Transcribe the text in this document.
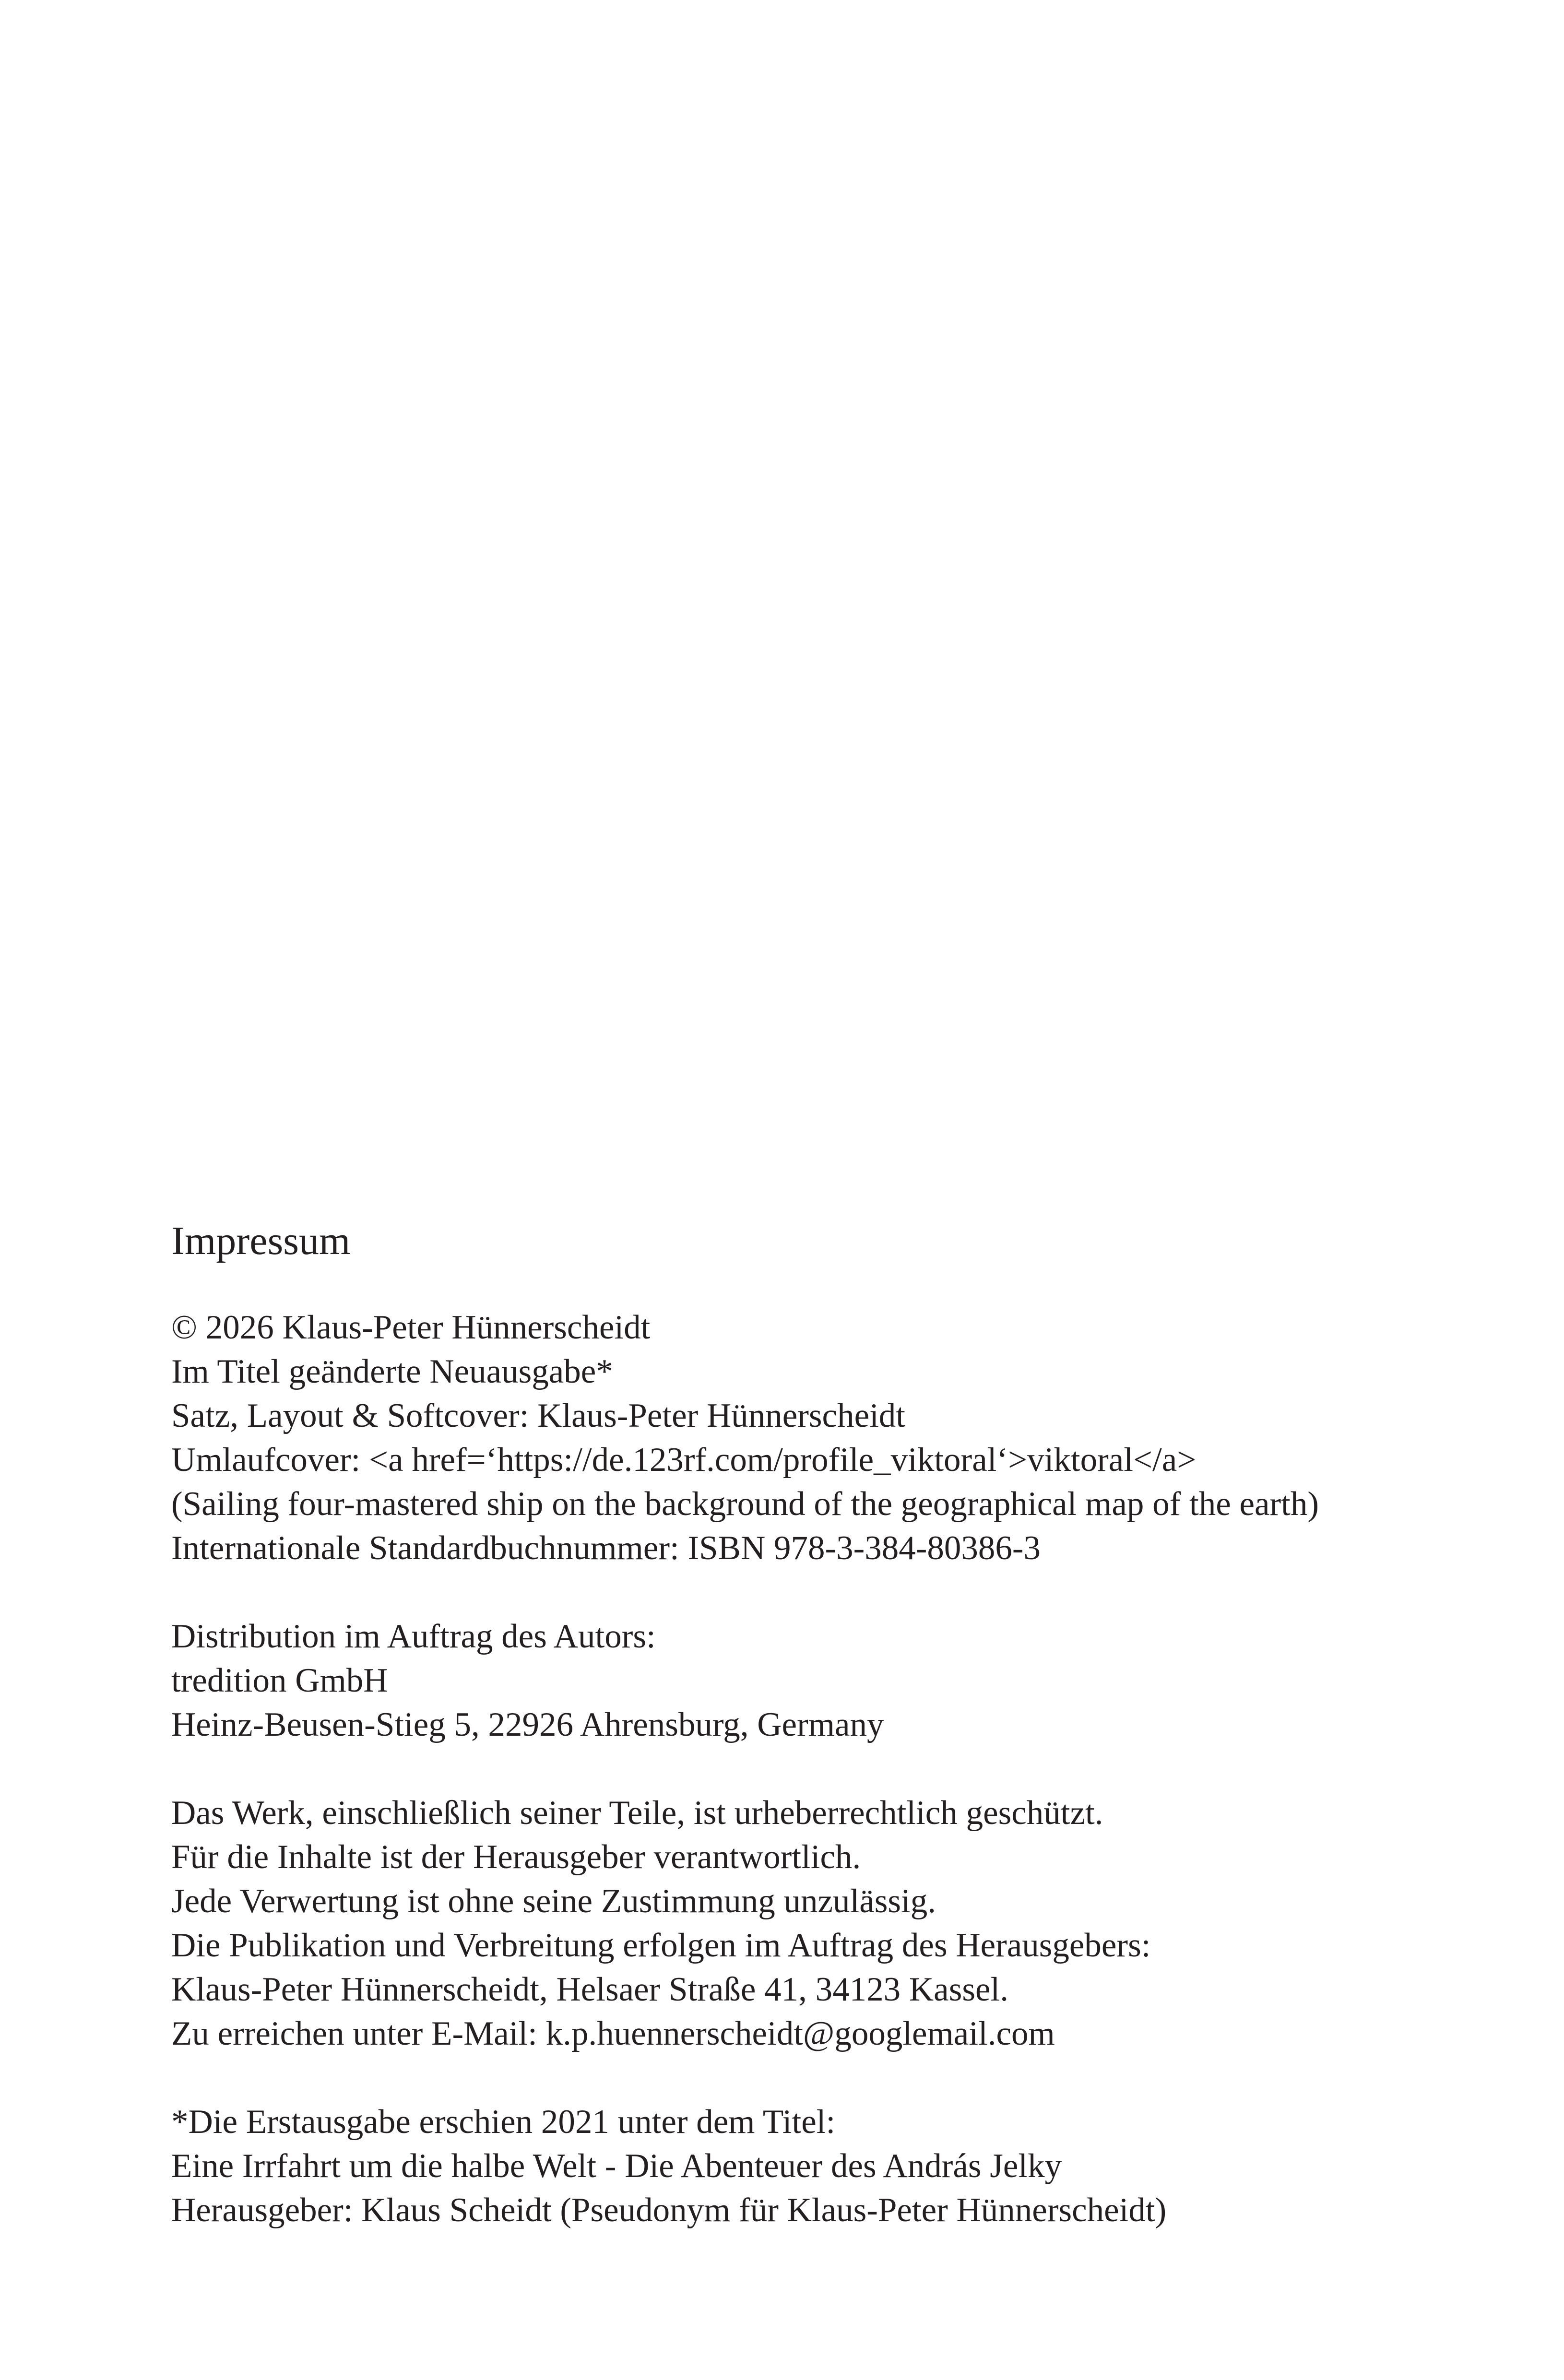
Impressum
© 2026 Klaus-Peter Hünnerscheidt
Im Titel geänderte Neuausgabe*
Satz, Layout & Softcover: Klaus-Peter Hünnerscheidt
Umlaufcover: <a href=‘https://de.123rf.com/profile_viktoral‘>viktoral</a>
(Sailing four-mastered ship on the background of the geographical map of the earth)
Internationale Standardbuchnummer: ISBN 978-3-384-80386-3
Distribution im Auftrag des Autors:
tredition GmbH
Heinz-Beusen-Stieg 5, 22926 Ahrensburg, Germany
Das Werk, einschließlich seiner Teile, ist urheberrechtlich geschützt.
Für die Inhalte ist der Herausgeber verantwortlich.
Jede Verwertung ist ohne seine Zustimmung unzulässig.
Die Publikation und Verbreitung erfolgen im Auftrag des Herausgebers:
Klaus-Peter Hünnerscheidt, Helsaer Straße 41, 34123 Kassel.
Zu erreichen unter E-Mail: k.p.huennerscheidt@googlemail.com
*Die Erstausgabe erschien 2021 unter dem Titel:
Eine Irrfahrt um die halbe Welt - Die Abenteuer des András Jelky
Herausgeber: Klaus Scheidt (Pseudonym für Klaus-Peter Hünnerscheidt)
